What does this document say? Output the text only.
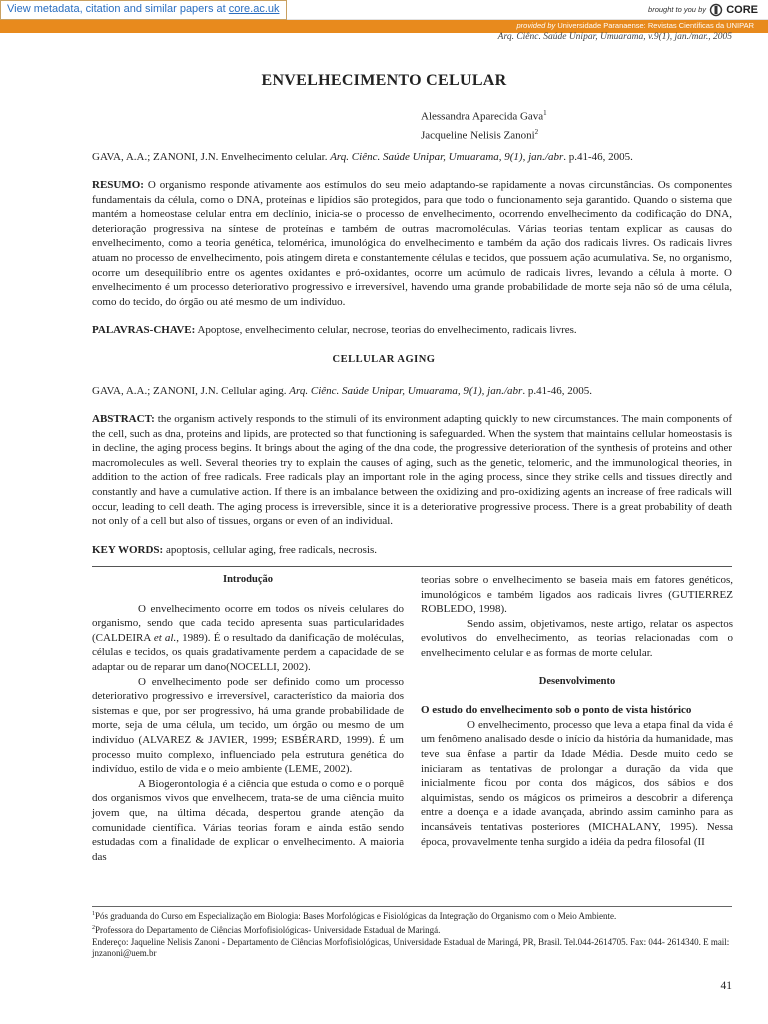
View metadata, citation and similar papers at core.ac.uk	brought to you by CORE
provided by Universidade Paranaense: Revistas Científicas da UNIPAR
Arq. Ciênc. Saúde Unipar, Umuarama, v.9(1), jan./mar., 2005
ENVELHECIMENTO CELULAR
Alessandra Aparecida Gava$^1$
Jacqueline Nelisis Zanoni$^2$
GAVA, A.A.; ZANONI, J.N. Envelhecimento celular. Arq. Ciênc. Saúde Unipar, Umuarama, 9(1), jan./abr. p.41-46, 2005.
RESUMO: O organismo responde ativamente aos estímulos do seu meio adaptando-se rapidamente a novas circunstâncias. Os componentes fundamentais da célula, como o DNA, proteínas e lipídios são protegidos, para que todo o funcionamento seja garantido. Quando o sistema que mantém a homeostase celular entra em declínio, inicia-se o processo de envelhecimento, ocorrendo envelhecimento da codificação do DNA, deterioração progressiva na síntese de proteínas e também de outras macromoléculas. Várias teorias tentam explicar as causas do envelhecimento, como a teoria genética, telomérica, imunológica do envelhecimento e também da ação dos radicais livres. Os radicais livres atuam no processo de envelhecimento, pois atingem direta e constantemente células e tecidos, que possuem ação acumulativa. Se, no organismo, ocorre um desequilíbrio entre os agentes oxidantes e pró-oxidantes, ocorre um acúmulo de radicais livres, levando a célula à morte. O envelhecimento é um processo deteriorativo progressivo e irreversível, havendo uma grande probabilidade de morte seja não só de uma célula, como do tecido, do órgão ou até mesmo de um indivíduo.
PALAVRAS-CHAVE: Apoptose, envelhecimento celular, necrose, teorias do envelhecimento, radicais livres.
CELLULAR AGING
GAVA, A.A.; ZANONI, J.N. Cellular aging. Arq. Ciênc. Saúde Unipar, Umuarama, 9(1), jan./abr. p.41-46, 2005.
ABSTRACT: the organism actively responds to the stimuli of its environment adapting quickly to new circumstances. The main components of the cell, such as dna, proteins and lipids, are protected so that functioning is safeguarded. When the system that maintains cellular homeostasis is in decline, the aging process begins. It brings about the aging of the dna code, the progressive deterioration of the synthesis of proteins and other macromolecules as well. Several theories try to explain the causes of aging, such as the genetic, telomeric, and the immunological theories, in addition to the action of free radicals. Free radicals play an important role in the aging process, since they strike cells and tissues directly and constantly and have a cumulative action. If there is an imbalance between the oxidizing and pro-oxidizing agents an increase of free radicals will occur, leading to cell death. The aging process is irreversible, since it is a deteriorative progressive process. There is a great probability of death not only of a cell but also of tissues, organs or even of an individual.
KEY WORDS: apoptosis, cellular aging, free radicals, necrosis.

Introdução

O envelhecimento ocorre em todos os níveis celulares do organismo, sendo que cada tecido apresenta suas particularidades (CALDEIRA et al., 1989). É o resultado da danificação de moléculas, células e tecidos, os quais gradativamente perdem a capacidade de se adaptar ou de reparar um dano(NOCELLI, 2002).

O envelhecimento pode ser definido como um processo deteriorativo progressivo e irreversível, característico da maioria dos sistemas e que, por ser progressivo, há uma grande probabilidade de morte, seja de uma célula, um tecido, um órgão ou mesmo de um indivíduo (ALVAREZ & JAVIER, 1999; ESBÉRARD, 1999). É um processo muito complexo, influenciado pela estrutura genética do indivíduo, estilo de vida e o meio ambiente (LEME, 2002).

A Biogerontologia é a ciência que estuda o como e o porquê dos organismos vivos que envelhecem, trata-se de uma ciência muito jovem que, na última década, despertou grande atenção da comunidade científica. Várias teorias foram e ainda estão sendo estudadas com a finalidade de explicar o envelhecimento. A maioria das

teorias sobre o envelhecimento se baseia mais em fatores genéticos, imunológicos e também ligados aos radicais livres (GUTIERREZ ROBLEDO, 1998).

Sendo assim, objetivamos, neste artigo, relatar os aspectos evolutivos do envelhecimento, as teorias relacionadas com o envelhecimento celular e as formas de morte celular.

Desenvolvimento

O estudo do envelhecimento sob o ponto de vista histórico

O envelhecimento, processo que leva a etapa final da vida é um fenômeno analisado desde o início da história da humanidade, mas teve sua ênfase a partir da Idade Média. Desde muito cedo se iniciaram as tentativas de prolongar a duração da vida que inicialmente ficou por conta dos mágicos, dos sábios e dos alquimistas, sendo os mágicos os primeiros a descobrir a diferença entre a doença e a idade avançada, abrindo assim caminho para as incansáveis tentativas posteriores (MICHALANY, 1995). Nessa época, provavelmente tenha surgido a idéia da pedra filosofal (II

$^1$Pós graduanda do Curso em Especialização em Biologia: Bases Morfológicas e Fisiológicas da Integração do Organismo com o Meio Ambiente.
$^2$Professora do Departamento de Ciências Morfofisiológicas- Universidade Estadual de Maringá.
Endereço: Jaqueline Nelisis Zanoni - Departamento de Ciências Morfofisiológicas, Universidade Estadual de Maringá, PR, Brasil. Tel.044-2614705. Fax: 044- 2614340. E mail: jnzanoni@uem.br
41
